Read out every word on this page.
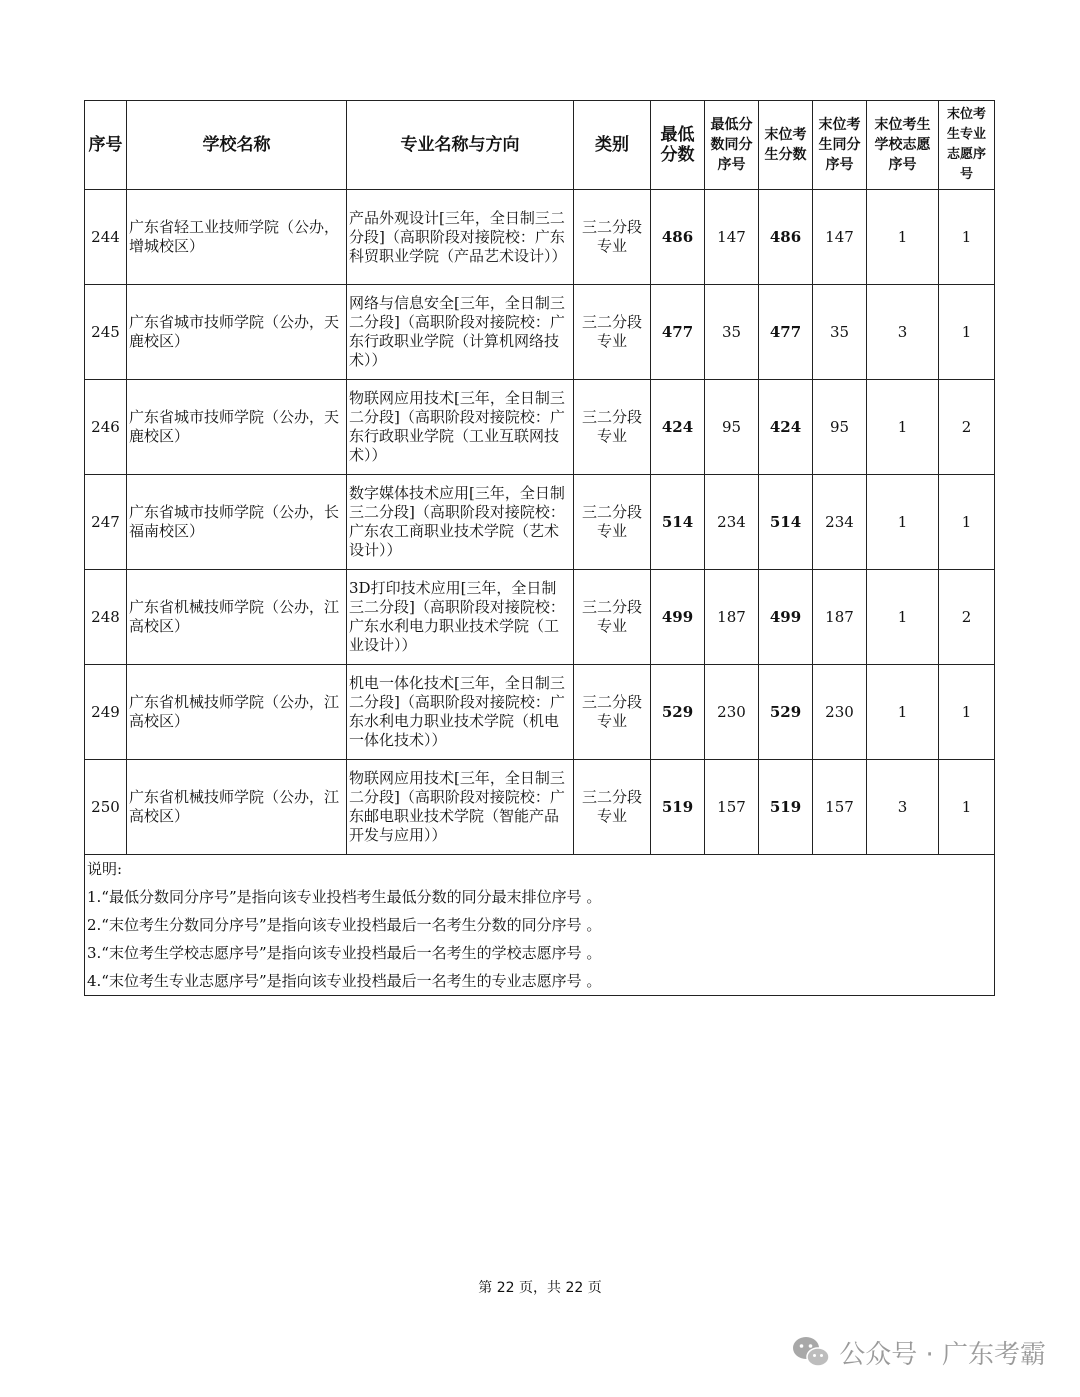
序号	学校名称	专业名称与方向	类别	最低分数	最低分数同分序号	末位考生分数	末位考生同分序号	末位考生学校志愿序号	末位考生专业志愿序号
244	广东省轻工业技师学院（公办，增城校区）	产品外观设计[三年，全日制三二分段]（高职阶段对接院校：广东科贸职业学院（产品艺术设计））	三二分段专业	486	147	486	147	1	1
245	广东省城市技师学院（公办，天鹿校区）	网络与信息安全[三年，全日制三二分段]（高职阶段对接院校：广东行政职业学院（计算机网络技术））	三二分段专业	477	35	477	35	3	1
246	广东省城市技师学院（公办，天鹿校区）	物联网应用技术[三年，全日制三二分段]（高职阶段对接院校：广东行政职业学院（工业互联网技术））	三二分段专业	424	95	424	95	1	2
247	广东省城市技师学院（公办，长福南校区）	数字媒体技术应用[三年，全日制三二分段]（高职阶段对接院校：广东农工商职业技术学院（艺术设计））	三二分段专业	514	234	514	234	1	1
248	广东省机械技师学院（公办，江高校区）	3D打印技术应用[三年，全日制三二分段]（高职阶段对接院校：广东水利电力职业技术学院（工业设计））	三二分段专业	499	187	499	187	1	2
249	广东省机械技师学院（公办，江高校区）	机电一体化技术[三年，全日制三二分段]（高职阶段对接院校：广东水利电力职业技术学院（机电一体化技术））	三二分段专业	529	230	529	230	1	1
250	广东省机械技师学院（公办，江高校区）	物联网应用技术[三年，全日制三二分段]（高职阶段对接院校：广东邮电职业技术学院（智能产品开发与应用））	三二分段专业	519	157	519	157	3	1

说明:
1.“最低分数同分序号”是指向该专业投档考生最低分数的同分最末排位序号 。
2.“末位考生分数同分序号”是指向该专业投档最后一名考生分数的同分序号 。
3.“末位考生学校志愿序号”是指向该专业投档最后一名考生的学校志愿序号 。
4.“末位考生专业志愿序号”是指向该专业投档最后一名考生的专业志愿序号 。									
第 22 页，共 22 页
公众号 · 广东考霸
